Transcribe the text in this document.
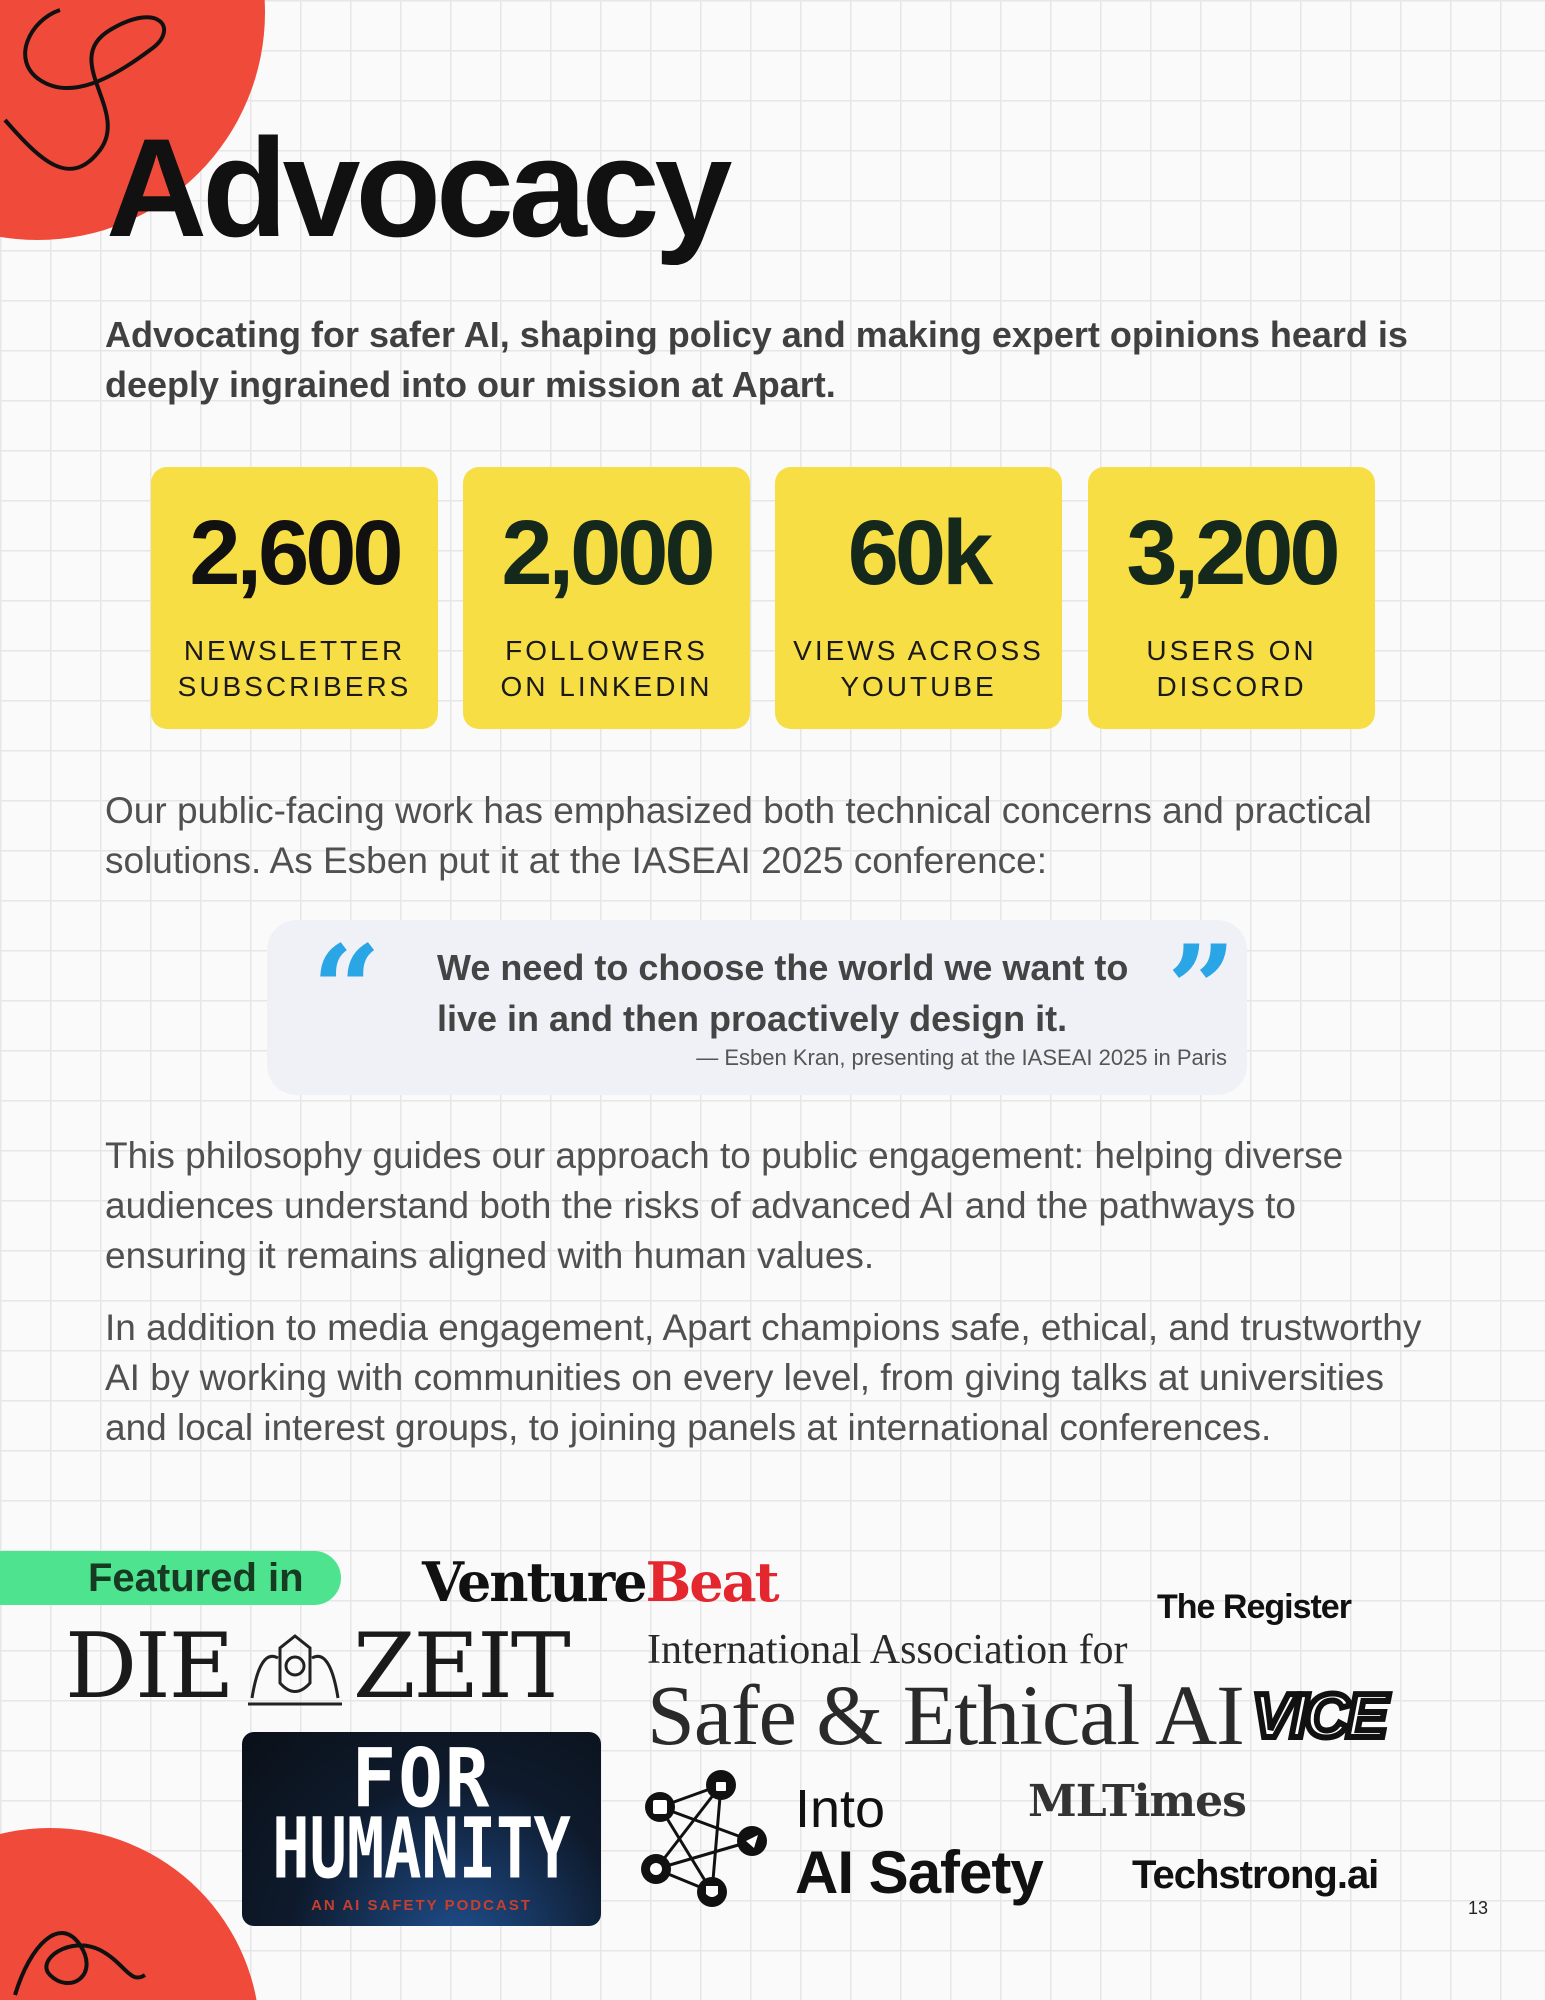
Advocacy

Advocating for safer AI, shaping policy and making expert opinions heard is deeply ingrained into our mission at Apart.

2,600
NEWSLETTER SUBSCRIBERS
2,000
FOLLOWERS ON LINKEDIN
60k
VIEWS ACROSS YOUTUBE
3,200
USERS ON DISCORD

Our public-facing work has emphasized both technical concerns and practical solutions. As Esben put it at the IASEAI 2025 conference:

“ We need to choose the world we want to live in and then proactively design it. ”

— Esben Kran, presenting at the IASEAI 2025 in Paris

This philosophy guides our approach to public engagement: helping diverse audiences understand both the risks of advanced AI and the pathways to ensuring it remains aligned with human values.

In addition to media engagement, Apart champions safe, ethical, and trustworthy AI by working with communities on every level, from giving talks at universities and local interest groups, to joining panels at international conferences.

Featured in VentureBeat	The Register
DIE ZEIT International Association for
Safe & Ethical AI VICE
FOR
HUMANITY
AN AI SAFETY PODCAST
Into
AI Safety
MLTimes
Techstrong.ai
13
